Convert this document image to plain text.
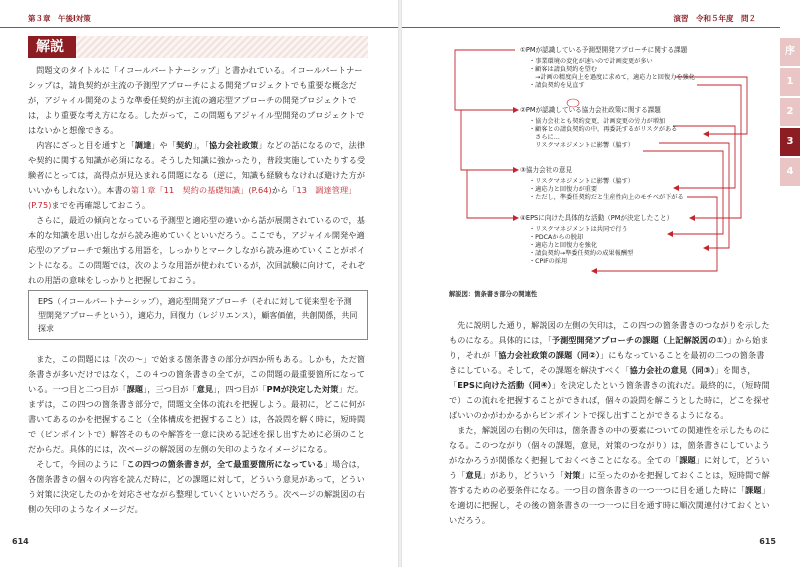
第３章　午後Ⅰ対策
解説

問題文のタイトルに「イコールパートナーシップ」と書かれている。イコールパートナーシップは，請負契約が主流の予測型アプローチによる開発プロジェクトでも重要な概念だが，アジャイル開発のような準委任契約が主流の適応型アプローチの開発プロジェクトでは，より重要な考え方になる。したがって，この問題もアジャイル型開発のプロジェクトではないかと想像できる。

内容にざっと目を通すと「調達」や「契約」，「協力会社政策」などの話になるので，法律や契約に関する知識が必須になる。そうした知識に強かったり，普段実施していたりする受験者にとっては，高得点が見込まれる問題になる（逆に，知識も経験もなければ避けた方がいいかもしれない）。本書の第１章「11　契約の基礎知識」(P.64)から「13　調達管理」(P.75)までを再確認しておこう。

さらに，最近の傾向となっている予測型と適応型の違いから話が展開されているので，基本的な知識を思い出しながら読み進めていくといいだろう。ここでも，アジャイル開発や適応型のアプローチで頻出する用語を，しっかりとマークしながら読み進めていくことがポイントになる。この問題では，次のような用語が使われているが，次回試験に向けて，それぞれの用語の意味をしっかりと把握しておこう。

EPS（イコールパートナーシップ），適応型開発アプローチ（それに対して従来型を予測型開発アプローチという），適応力，回復力（レジリエンス），顧客価値，共創関係，共同探求

また，この問題には「次の～」で始まる箇条書きの部分が四か所もある。しかも，ただ箇条書きが多いだけではなく，この４つの箇条書きの全てが，この問題の最重要箇所になっている。一つ目と二つ目が「課題」，三つ目が「意見」，四つ目が「PMが決定した対策」だ。まずは，この四つの箇条書き部分で，問題文全体の流れを把握しよう。最初に，どこに何が書いてあるのかを把握すること（全体構成を把握すること）は，各設問を解く時に，短時間で（ピンポイントで）解答そのものや解答を一意に決める記述を探し出すために必須のことだからだ。具体的には，次ページの解説図の左側の矢印のようなイメージになる。

そして，今回のように「この四つの箇条書きが，全て最重要箇所になっている」場合は，各箇条書きの個々の内容を読んだ時に，どの課題に対して，どういう意見があって，どういう対策に決定したのかを対応させながら整理していくといいだろう。次ページの解説図の右側の矢印のようなイメージだ。

614
演習　令和５年度　問２
615
序
1
2
3
4
①PMが認識している予測型開発アプローチに関する課題
・事業環境の変化が速いので計画変更が多い
・顧客は請負契約を望む
　→計画の精度向上を過度に求めて，適応力と回復力を強化
・請負契約を見直す
②PMが認識している協力会社政策に関する課題
・協力会社とも契約変更，計画変更の労力が増加
・顧客との請負契約の中，再委託するがリスクがある
　さらに…
　リスクマネジメントに影響（脇す）
③協力会社の意見
・リスクマネジメントに影響（脇す）
・適応力と回復力が重要
・ただし，準委任契約だと生産性向上のモチベが下がる
④EPSに向けた具体的な活動（PMが決定したこと）
・リスクマネジメントは共同で行う
・PDCAからの脱却
・適応力と回復力を強化
・請負契約→準委任契約の成果報酬型
・CPIFの採用
解説図：箇条書き部分の関連性

先に説明した通り，解説図の左側の矢印は，この四つの箇条書きのつながりを示したものになる。具体的には，「予測型開発アプローチの課題（上記解説図の①）」から始まり，それが「協力会社政策の課題（同②）」にもなっていることを最初の二つの箇条書きにしている。そして，その課題を解決すべく「協力会社の意見（同③）」を聞き，「EPSに向けた活動（同④）」を決定したという箇条書きの流れだ。最終的に，（短時間で）この流れを把握することができれば，個々の設問を解こうとした時に，どこを探せばいいのかがわかるからピンポイントで探し出すことができるようになる。

また，解説図の右側の矢印は，箇条書きの中の要素についての関連性を示したものになる。このつながり（個々の課題，意見，対策のつながり）は，箇条書きにしていようがなかろうが関係なく把握しておくべきことになる。全ての「課題」に対して，どういう「意見」があり，どういう「対策」に至ったのかを把握しておくことは，短時間で解答するための必要条件になる。一つ目の箇条書きの一つ一つに目を通した時に「課題」を適切に把握し，その後の箇条書きの一つ一つに目を通す時に順次関連付けておくといいだろう。
